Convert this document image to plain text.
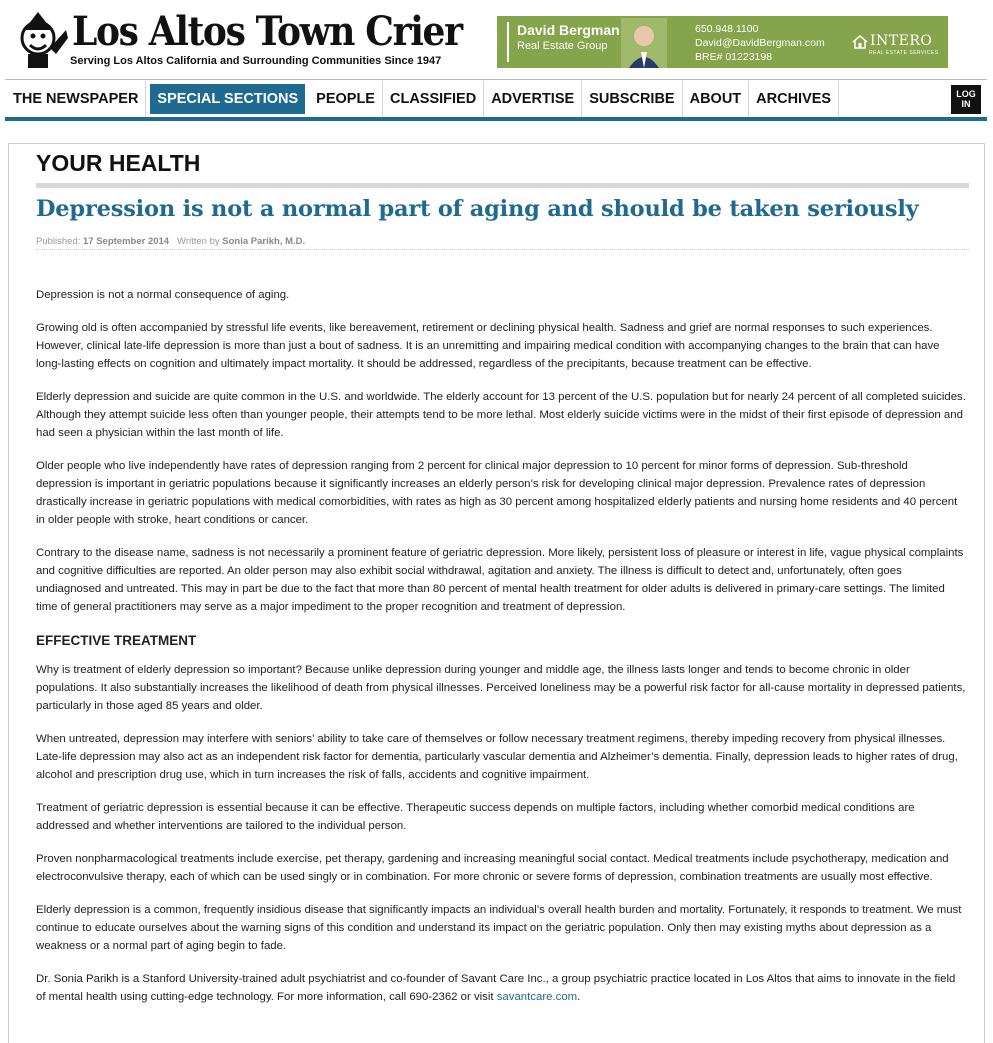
Los Altos Town Crier
Serving Los Altos California and Surrounding Communities Since 1947
David Bergman
Real Estate Group
650.948.1100
David@DavidBergman.com
BRE# 01223198
INTERO
REAL ESTATE SERVICES
THE NEWSPAPER	SPECIAL SECTIONS	PEOPLE	CLASSIFIED	ADVERTISE	SUBSCRIBE	ABOUT	ARCHIVES	LOG
IN
YOUR HEALTH
Depression is not a normal part of aging and should be taken seriously
Published: 17 September 2014 Written by Sonia Parikh, M.D.

Depression is not a normal consequence of aging.

Growing old is often accompanied by stressful life events, like bereavement, retirement or declining physical health. Sadness and grief are normal responses to such experiences. However, clinical late-life depression is more than just a bout of sadness. It is an unremitting and impairing medical condition with accompanying changes to the brain that can have long-lasting effects on cognition and ultimately impact mortality. It should be addressed, regardless of the precipitants, because treatment can be effective.

Elderly depression and suicide are quite common in the U.S. and worldwide. The elderly account for 13 percent of the U.S. population but for nearly 24 percent of all completed suicides. Although they attempt suicide less often than younger people, their attempts tend to be more lethal. Most elderly suicide victims were in the midst of their first episode of depression and had seen a physician within the last month of life.

Older people who live independently have rates of depression ranging from 2 percent for clinical major depression to 10 percent for minor forms of depression. Sub-threshold depression is important in geriatric populations because it significantly increases an elderly person’s risk for developing clinical major depression. Prevalence rates of depression drastically increase in geriatric populations with medical comorbidities, with rates as high as 30 percent among hospitalized elderly patients and nursing home residents and 40 percent in older people with stroke, heart conditions or cancer.

Contrary to the disease name, sadness is not necessarily a prominent feature of geriatric depression. More likely, persistent loss of pleasure or interest in life, vague physical complaints and cognitive difficulties are reported. An older person may also exhibit social withdrawal, agitation and anxiety. The illness is difficult to detect and, unfortunately, often goes undiagnosed and untreated. This may in part be due to the fact that more than 80 percent of mental health treatment for older adults is delivered in primary-care settings. The limited time of general practitioners may serve as a major impediment to the proper recognition and treatment of depression.

EFFECTIVE TREATMENT

Why is treatment of elderly depression so important? Because unlike depression during younger and middle age, the illness lasts longer and tends to become chronic in older populations. It also substantially increases the likelihood of death from physical illnesses. Perceived loneliness may be a powerful risk factor for all-cause mortality in depressed patients, particularly in those aged 85 years and older.

When untreated, depression may interfere with seniors’ ability to take care of themselves or follow necessary treatment regimens, thereby impeding recovery from physical illnesses. Late-life depression may also act as an independent risk factor for dementia, particularly vascular dementia and Alzheimer’s dementia. Finally, depression leads to higher rates of drug, alcohol and prescription drug use, which in turn increases the risk of falls, accidents and cognitive impairment.

Treatment of geriatric depression is essential because it can be effective. Therapeutic success depends on multiple factors, including whether comorbid medical conditions are addressed and whether interventions are tailored to the individual person.

Proven nonpharmacological treatments include exercise, pet therapy, gardening and increasing meaningful social contact. Medical treatments include psychotherapy, medication and electroconvulsive therapy, each of which can be used singly or in combination. For more chronic or severe forms of depression, combination treatments are usually most effective.

Elderly depression is a common, frequently insidious disease that significantly impacts an individual’s overall health burden and mortality. Fortunately, it responds to treatment. We must continue to educate ourselves about the warning signs of this condition and understand its impact on the geriatric population. Only then may existing myths about depression as a weakness or a normal part of aging begin to fade.

Dr. Sonia Parikh is a Stanford University-trained adult psychiatrist and co-founder of Savant Care Inc., a group psychiatric practice located in Los Altos that aims to innovate in the field of mental health using cutting-edge technology. For more information, call 690-2362 or visit savantcare.com.
